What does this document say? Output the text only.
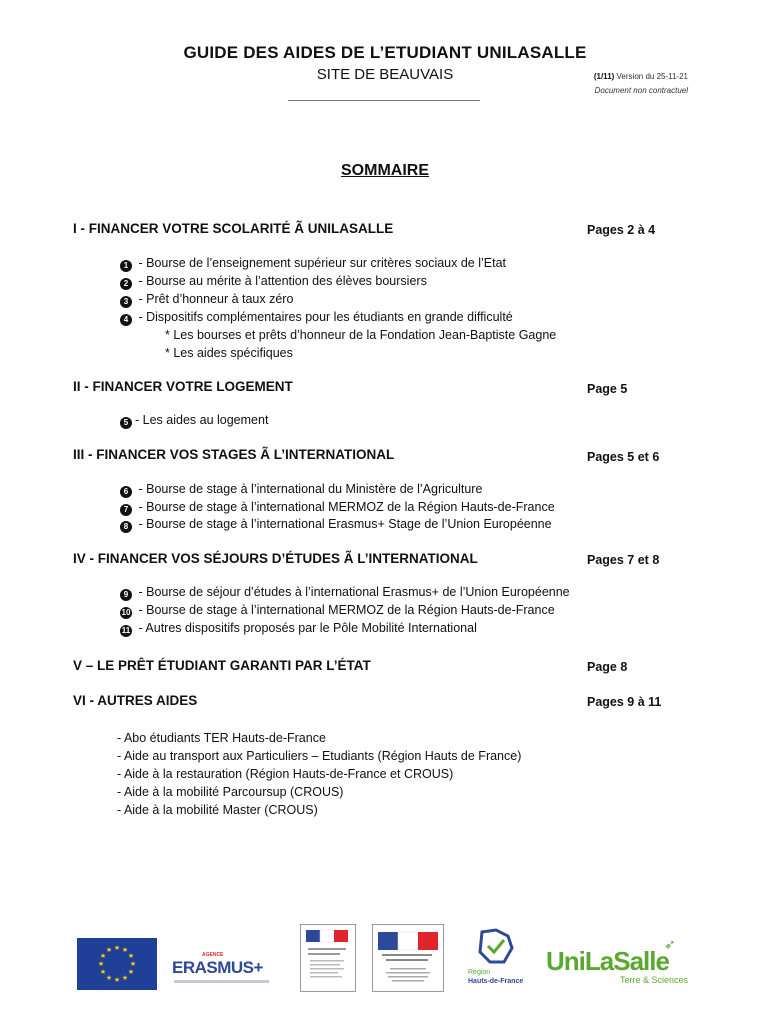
GUIDE DES AIDES DE L’ETUDIANT UNILASALLE
SITE DE BEAUVAIS	(1/11) Version du 25-11-21
Document non contractuel
SOMMAIRE
I - FINANCER VOTRE SCOLARITÉ Ã UNILASALLE	Pages 2 à 4
1 - Bourse de l’enseignement supérieur sur critères sociaux de l’Etat
2 - Bourse au mérite à l’attention des élèves boursiers
3 - Prêt d’honneur à taux zéro
4 - Dispositifs complémentaires pour les étudiants en grande difficulté
* Les bourses et prêts d’honneur de la Fondation Jean-Baptiste Gagne
* Les aides spécifiques
II - FINANCER VOTRE LOGEMENT	Page 5
5 - Les aides au logement
III - FINANCER VOS STAGES Ã L’INTERNATIONAL	Pages 5 et 6
6 - Bourse de stage à l’international du Ministère de l’Agriculture
7 - Bourse de stage à l’international MERMOZ de la Région Hauts-de-France
8 - Bourse de stage à l’international Erasmus+ Stage de l’Union Européenne
IV - FINANCER VOS SÉJOURS D’ÉTUDES Ã L’INTERNATIONAL	Pages 7 et 8
9 - Bourse de séjour d’études à l’international Erasmus+ de l’Union Européenne
10 - Bourse de stage à l’international MERMOZ de la Région Hauts-de-France
11 - Autres dispositifs proposés par le Pôle Mobilité International
V – LE PRÊT ÉTUDIANT GARANTI PAR L’ÉTAT	Page 8
VI - AUTRES AIDES	Pages 9 à 11
- Abo étudiants TER Hauts-de-France
- Aide au transport aux Particuliers – Etudiants (Région Hauts de France)
- Aide à la restauration (Région Hauts-de-France et CROUS)
- Aide à la mobilité Parcoursup (CROUS)
- Aide à la mobilité Master (CROUS)
★ ★
★
★
★
★
★
★
★
★
★
★
AGENCE
ERASMUS+	Région
Hauts-de-France
➶
UniLaSalle
Terre & Sciences
